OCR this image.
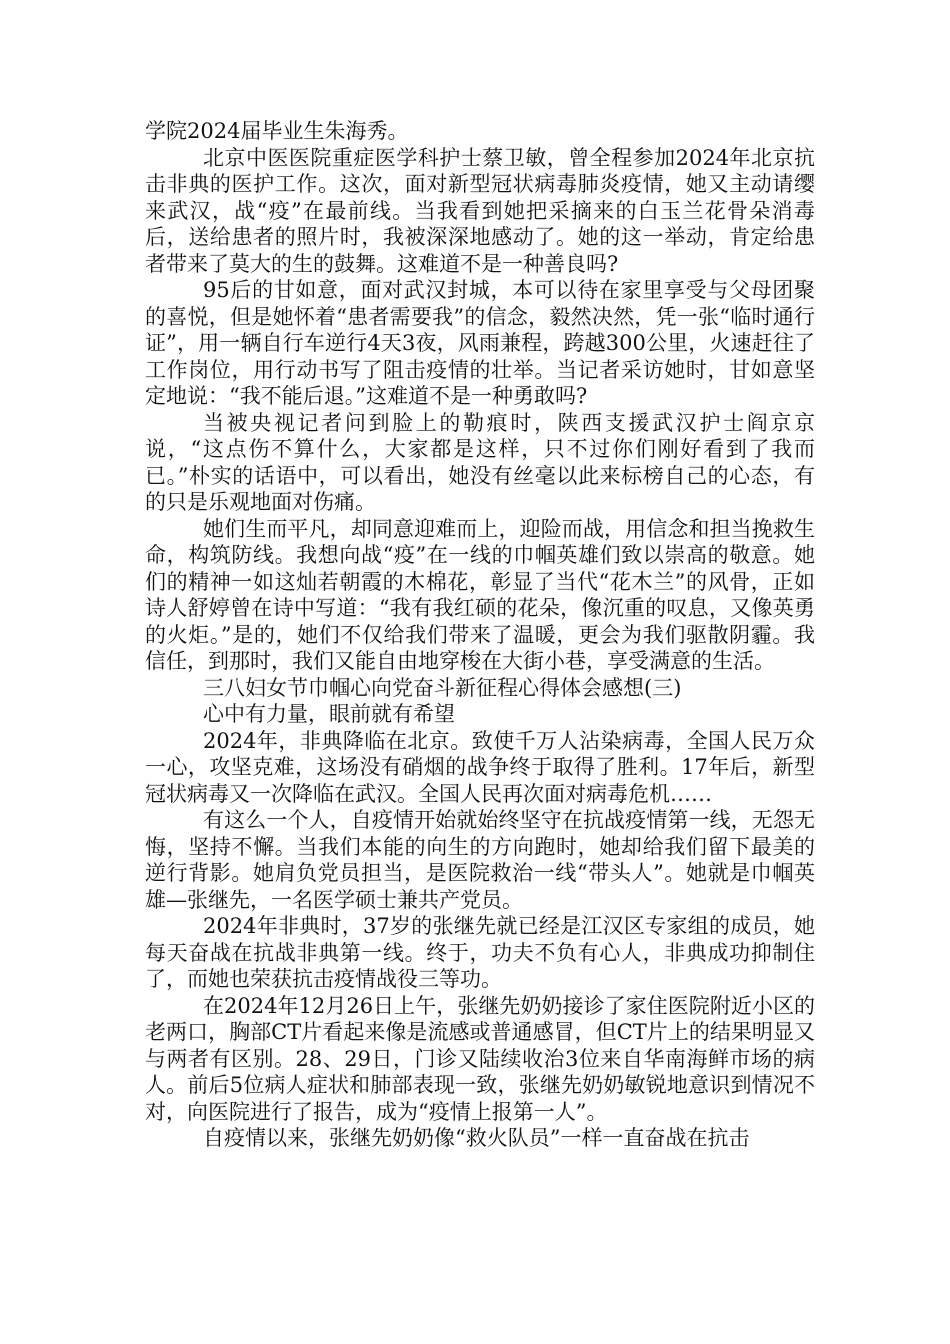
学院2024届毕业生朱海秀。

北京中医医院重症医学科护士蔡卫敏，曾全程参加2024年北京抗击非典的医护工作。这次，面对新型冠状病毒肺炎疫情，她又主动请缨来武汉，战“疫”在最前线。当我看到她把采摘来的白玉兰花骨朵消毒后，送给患者的照片时，我被深深地感动了。她的这一举动，肯定给患者带来了莫大的生的鼓舞。这难道不是一种善良吗?

95后的甘如意，面对武汉封城，本可以待在家里享受与父母团聚的喜悦，但是她怀着“患者需要我”的信念，毅然决然，凭一张“临时通行证”，用一辆自行车逆行4天3夜，风雨兼程，跨越300公里，火速赶往了工作岗位，用行动书写了阻击疫情的壮举。当记者采访她时，甘如意坚定地说：“我不能后退。”这难道不是一种勇敢吗?

当被央视记者问到脸上的勒痕时，陕西支援武汉护士阎京京说，“这点伤不算什么，大家都是这样，只不过你们刚好看到了我而已。”朴实的话语中，可以看出，她没有丝毫以此来标榜自己的心态，有的只是乐观地面对伤痛。

她们生而平凡，却同意迎难而上，迎险而战，用信念和担当挽救生命，构筑防线。我想向战“疫”在一线的巾帼英雄们致以崇高的敬意。她们的精神一如这灿若朝霞的木棉花，彰显了当代“花木兰”的风骨，正如诗人舒婷曾在诗中写道：“我有我红硕的花朵，像沉重的叹息，又像英勇的火炬。”是的，她们不仅给我们带来了温暖，更会为我们驱散阴霾。我信任，到那时，我们又能自由地穿梭在大街小巷，享受满意的生活。

三八妇女节巾帼心向党奋斗新征程心得体会感想(三)

心中有力量，眼前就有希望

2024年，非典降临在北京。致使千万人沾染病毒，全国人民万众一心，攻坚克难，这场没有硝烟的战争终于取得了胜利。17年后，新型冠状病毒又一次降临在武汉。全国人民再次面对病毒危机……

有这么一个人，自疫情开始就始终坚守在抗战疫情第一线，无怨无悔，坚持不懈。当我们本能的向生的方向跑时，她却给我们留下最美的逆行背影。她肩负党员担当，是医院救治一线“带头人”。她就是巾帼英雄—张继先，一名医学硕士兼共产党员。

2024年非典时，37岁的张继先就已经是江汉区专家组的成员，她每天奋战在抗战非典第一线。终于，功夫不负有心人，非典成功抑制住了，而她也荣获抗击疫情战役三等功。

在2024年12月26日上午，张继先奶奶接诊了家住医院附近小区的老两口，胸部CT片看起来像是流感或普通感冒，但CT片上的结果明显又与两者有区别。28、29日，门诊又陆续收治3位来自华南海鲜市场的病人。前后5位病人症状和肺部表现一致，张继先奶奶敏锐地意识到情况不对，向医院进行了报告，成为“疫情上报第一人”。

自疫情以来，张继先奶奶像“救火队员”一样一直奋战在抗击
